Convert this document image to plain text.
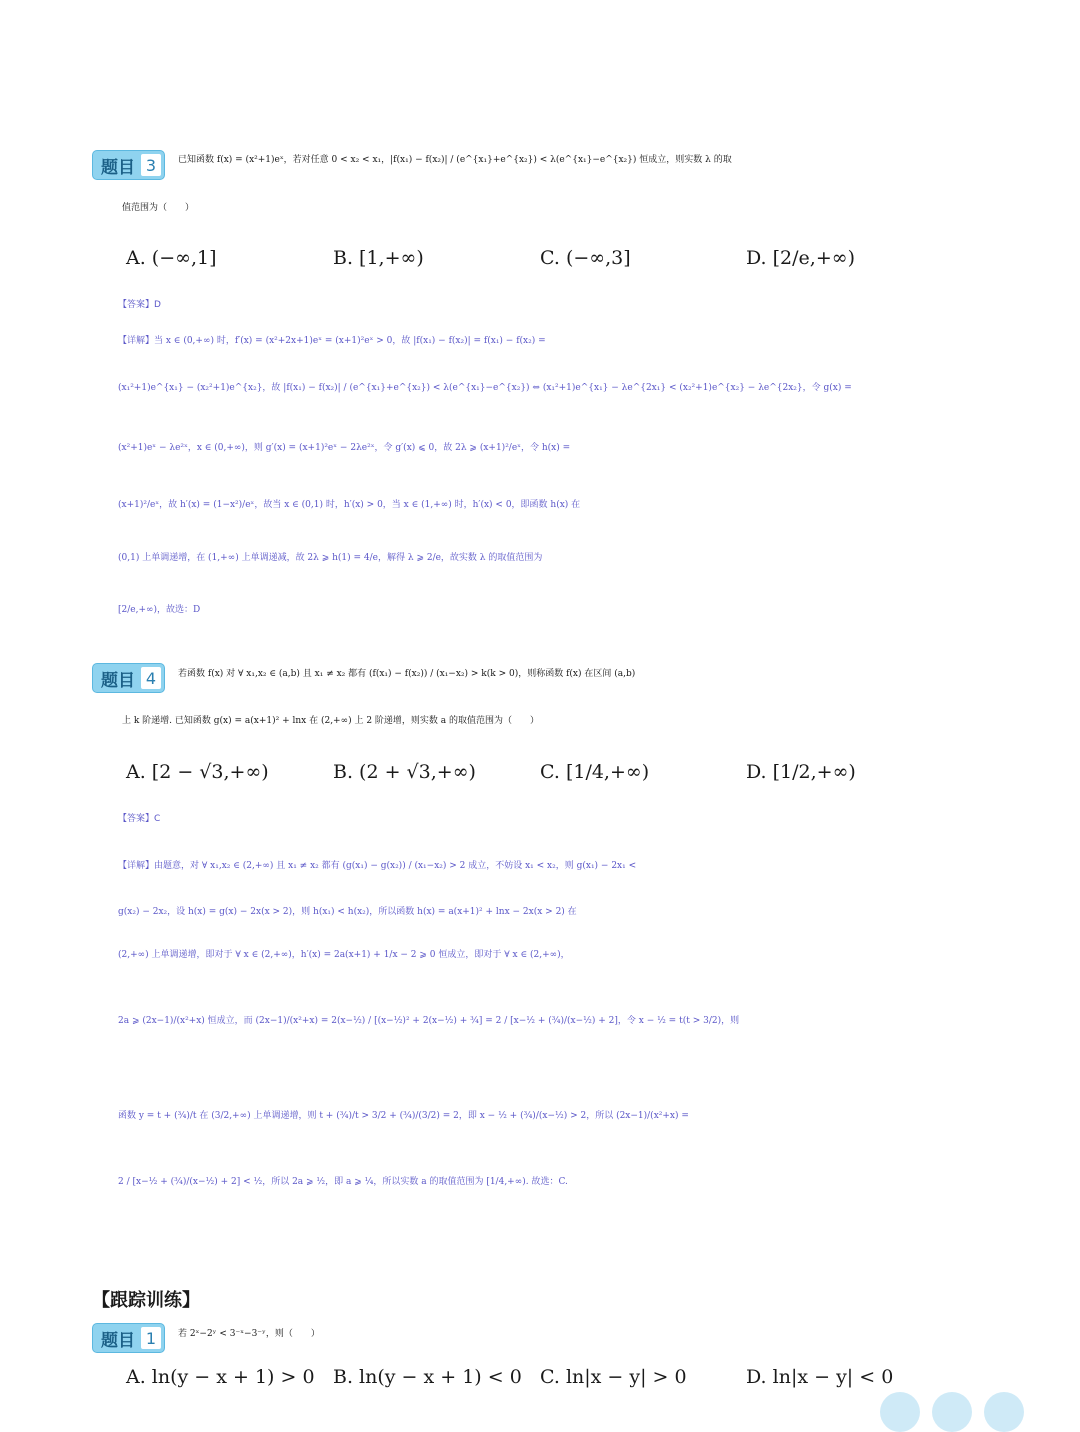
题目 3	已知函数 f(x) = (x²+1)eˣ，若对任意 0 < x₂ < x₁，|f(x₁) − f(x₂)| / (e^{x₁}+e^{x₂}) < λ(e^{x₁}−e^{x₂}) 恒成立，则实数 λ 的取
值范围为（　　）
A. (−∞,1]	B. [1,+∞)	C. (−∞,3]	D. [2/e,+∞)
【答案】D
【详解】当 x ∈ (0,+∞) 时，f′(x) = (x²+2x+1)eˣ = (x+1)²eˣ > 0，故 |f(x₁) − f(x₂)| = f(x₁) − f(x₂) =
(x₁²+1)e^{x₁} − (x₂²+1)e^{x₂}，故 |f(x₁) − f(x₂)| / (e^{x₁}+e^{x₂}) < λ(e^{x₁}−e^{x₂}) ⇔ (x₁²+1)e^{x₁} − λe^{2x₁} < (x₂²+1)e^{x₂} − λe^{2x₂}，令 g(x) =
(x²+1)eˣ − λe²ˣ，x ∈ (0,+∞)，则 g′(x) = (x+1)²eˣ − 2λe²ˣ，令 g′(x) ⩽ 0，故 2λ ⩾ (x+1)²/eˣ，令 h(x) =
(x+1)²/eˣ，故 h′(x) = (1−x²)/eˣ，故当 x ∈ (0,1) 时，h′(x) > 0，当 x ∈ (1,+∞) 时，h′(x) < 0，即函数 h(x) 在
(0,1) 上单调递增，在 (1,+∞) 上单调递减，故 2λ ⩾ h(1) = 4/e，解得 λ ⩾ 2/e，故实数 λ 的取值范围为
[2/e,+∞)，故选：D
题目 4	若函数 f(x) 对 ∀ x₁,x₂ ∈ (a,b) 且 x₁ ≠ x₂ 都有 (f(x₁) − f(x₂)) / (x₁−x₂) > k(k > 0)，则称函数 f(x) 在区间 (a,b)
上 k 阶递增. 已知函数 g(x) = a(x+1)² + lnx 在 (2,+∞) 上 2 阶递增，则实数 a 的取值范围为（　　）
A. [2 − √3,+∞)	B. (2 + √3,+∞)	C. [1/4,+∞)	D. [1/2,+∞)
【答案】C
【详解】由题意，对 ∀ x₁,x₂ ∈ (2,+∞) 且 x₁ ≠ x₂ 都有 (g(x₁) − g(x₂)) / (x₁−x₂) > 2 成立，不妨设 x₁ < x₂，则 g(x₁) − 2x₁ <
g(x₂) − 2x₂，设 h(x) = g(x) − 2x(x > 2)，则 h(x₁) < h(x₂)，所以函数 h(x) = a(x+1)² + lnx − 2x(x > 2) 在
(2,+∞) 上单调递增，即对于 ∀ x ∈ (2,+∞)，h′(x) = 2a(x+1) + 1/x − 2 ⩾ 0 恒成立，即对于 ∀ x ∈ (2,+∞)，
2a ⩾ (2x−1)/(x²+x) 恒成立，而 (2x−1)/(x²+x) = 2(x−½) / [(x−½)² + 2(x−½) + ¾] = 2 / [x−½ + (¾)/(x−½) + 2]，令 x − ½ = t(t > 3/2)，则
函数 y = t + (¾)/t 在 (3/2,+∞) 上单调递增，则 t + (¾)/t > 3/2 + (¾)/(3/2) = 2，即 x − ½ + (¾)/(x−½) > 2，所以 (2x−1)/(x²+x) =
2 / [x−½ + (¾)/(x−½) + 2] < ½，所以 2a ⩾ ½，即 a ⩾ ¼，所以实数 a 的取值范围为 [1/4,+∞). 故选：C.
【跟踪训练】
题目 1	若 2ˣ−2ʸ < 3⁻ˣ−3⁻ʸ，则（　　）
A. ln(y − x + 1) > 0 B. ln(y − x + 1) < 0 C. ln|x − y| > 0	D. ln|x − y| < 0
